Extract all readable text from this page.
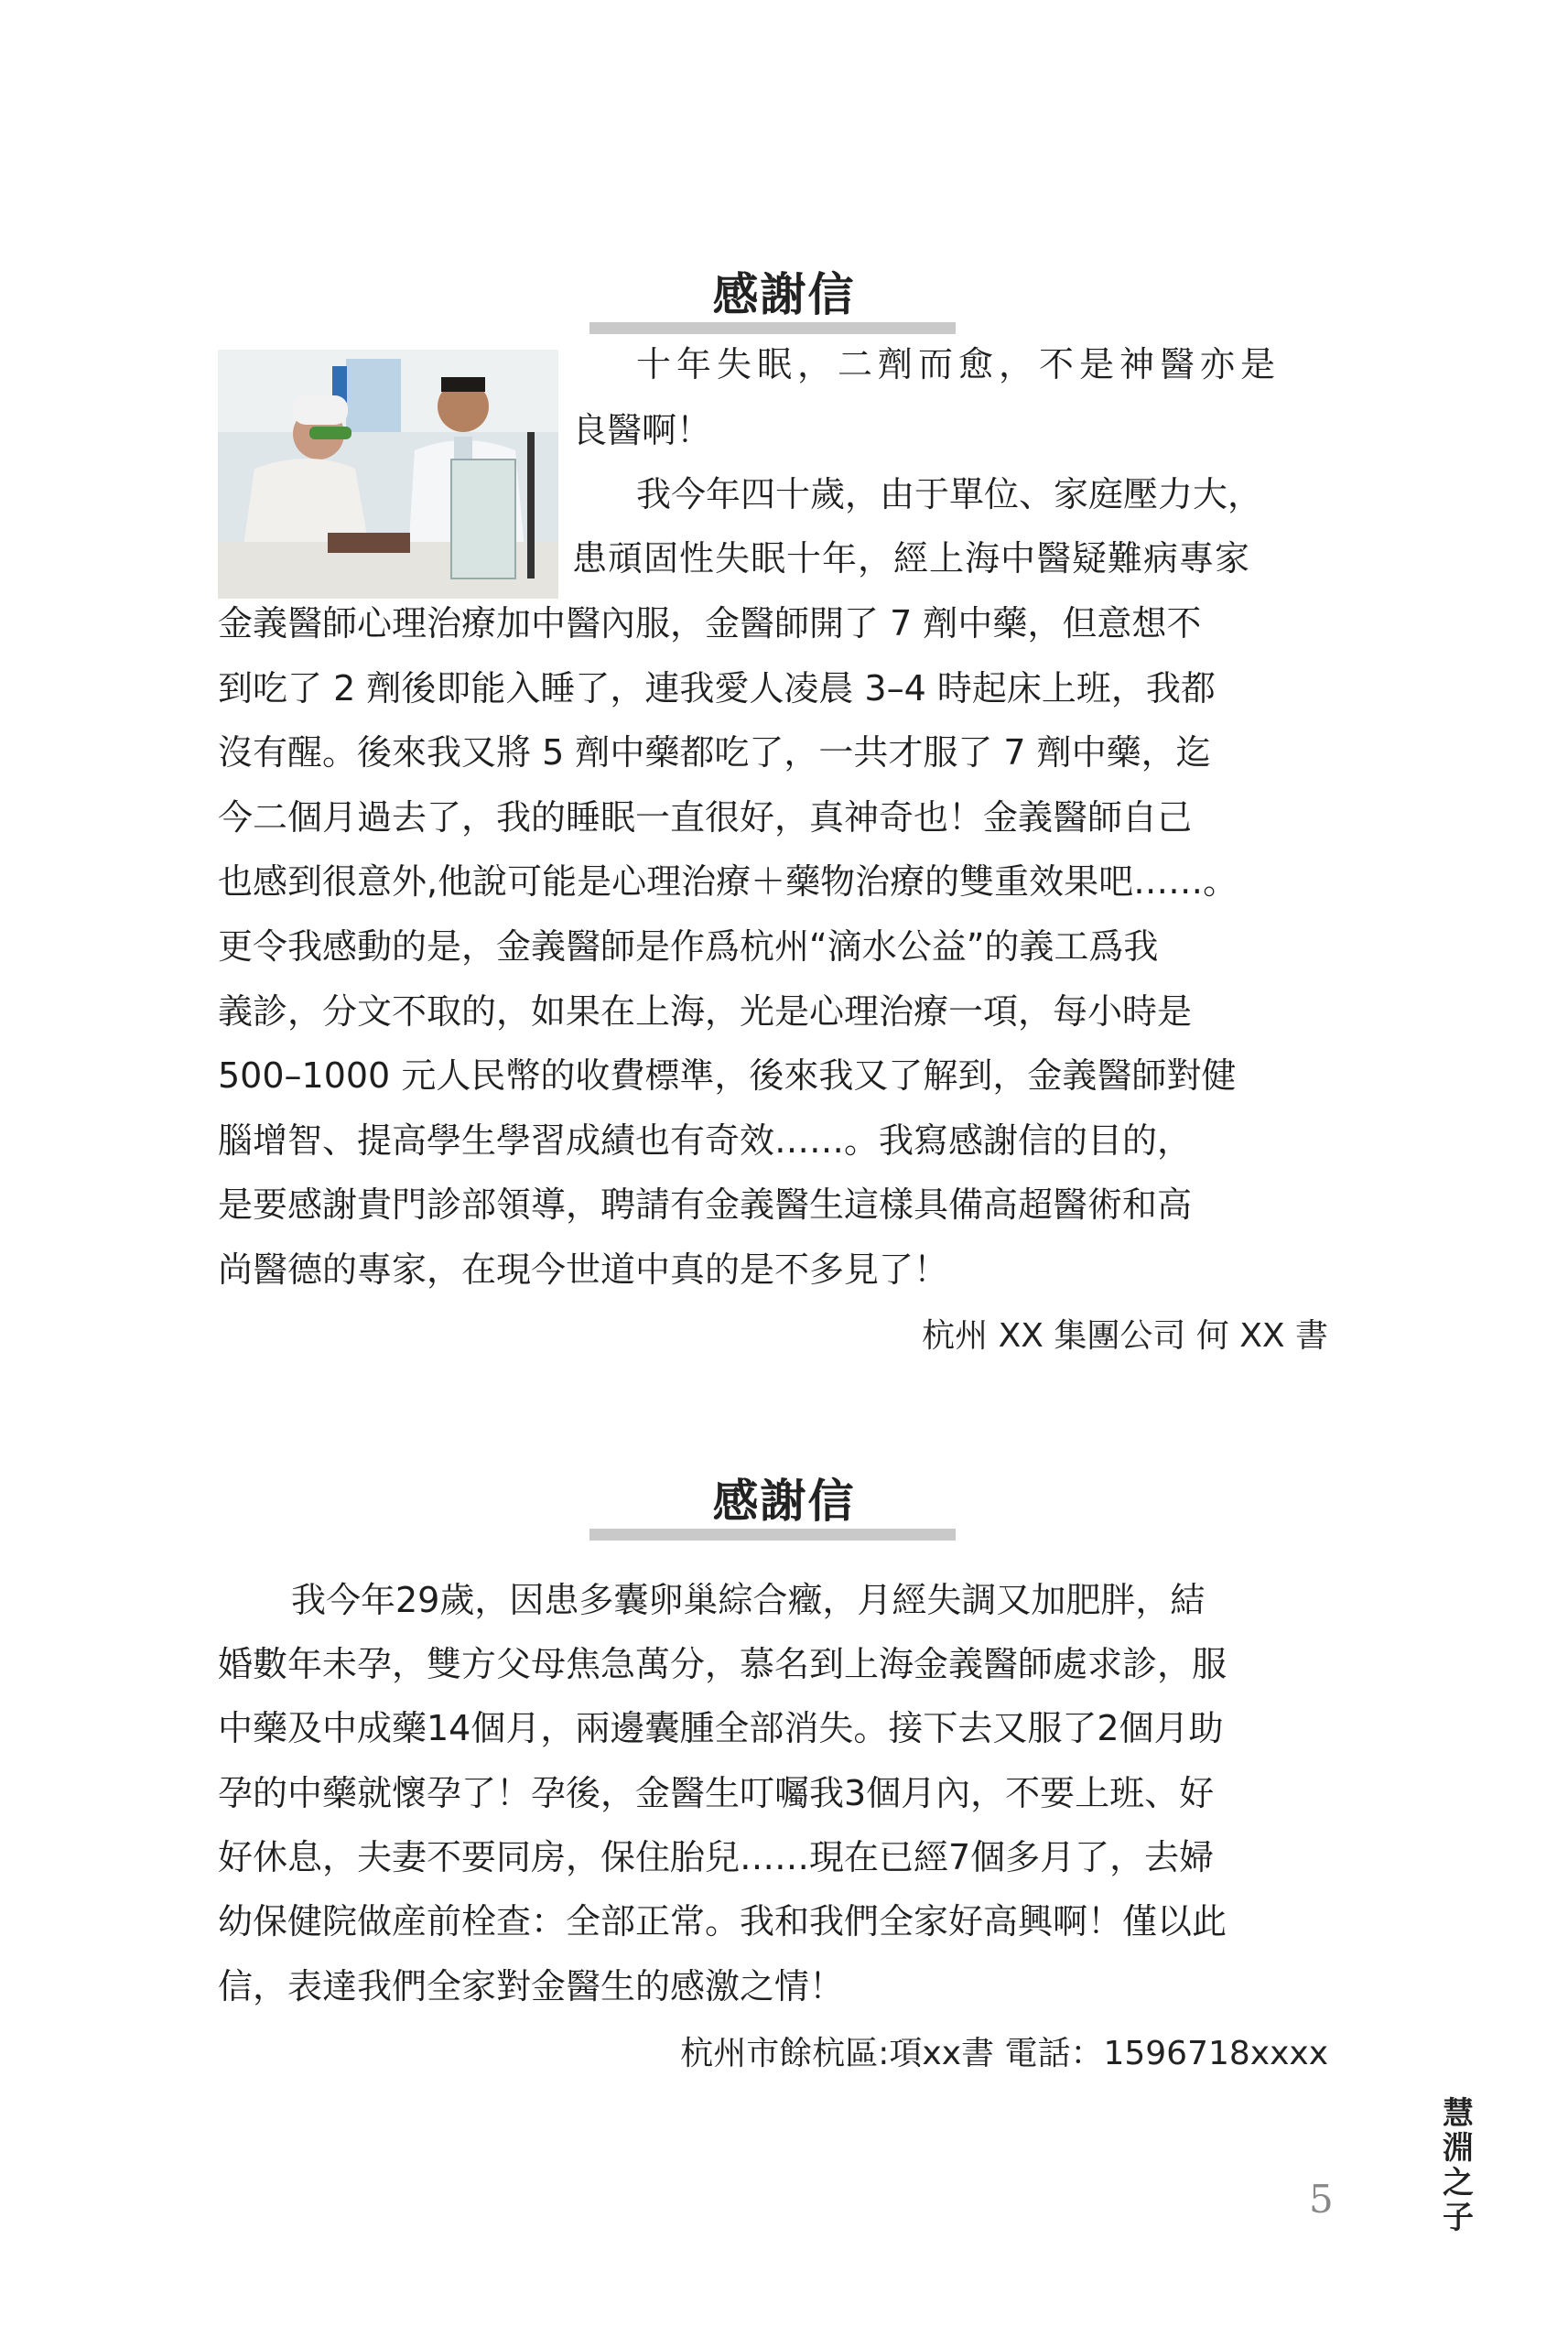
感謝信
十年失眠，二劑而愈，不是神醫亦是
良醫啊！
我今年四十歲，由于單位、家庭壓力大，
患頑固性失眠十年，經上海中醫疑難病專家
金義醫師心理治療加中醫內服，金醫師開了 7 劑中藥，但意想不
到吃了 2 劑後即能入睡了，連我愛人凌晨 3–4 時起床上班，我都
沒有醒。後來我又將 5 劑中藥都吃了，一共才服了 7 劑中藥，迄
今二個月過去了，我的睡眠一直很好，真神奇也！金義醫師自己
也感到很意外,他說可能是心理治療＋藥物治療的雙重效果吧……。
更令我感動的是，金義醫師是作爲杭州“滴水公益”的義工爲我
義診，分文不取的，如果在上海，光是心理治療一項，每小時是
500–1000 元人民幣的收費標準，後來我又了解到，金義醫師對健
腦增智、提高學生學習成績也有奇效……。我寫感謝信的目的，
是要感謝貴門診部領導，聘請有金義醫生這樣具備高超醫術和高
尚醫德的專家，在現今世道中真的是不多見了！
杭州 XX 集團公司 何 XX 書
感謝信
我今年29歲，因患多囊卵巢綜合癥，月經失調又加肥胖，結
婚數年未孕，雙方父母焦急萬分，慕名到上海金義醫師處求診，服
中藥及中成藥14個月，兩邊囊腫全部消失。接下去又服了2個月助
孕的中藥就懷孕了！孕後，金醫生叮囑我3個月內，不要上班、好
好休息，夫妻不要同房，保住胎兒……現在已經7個多月了，去婦
幼保健院做産前栓查：全部正常。我和我們全家好高興啊！僅以此
信，表達我們全家對金醫生的感激之情！
杭州市餘杭區:項xx書 電話：1596718xxxx
5
慧淵之子
